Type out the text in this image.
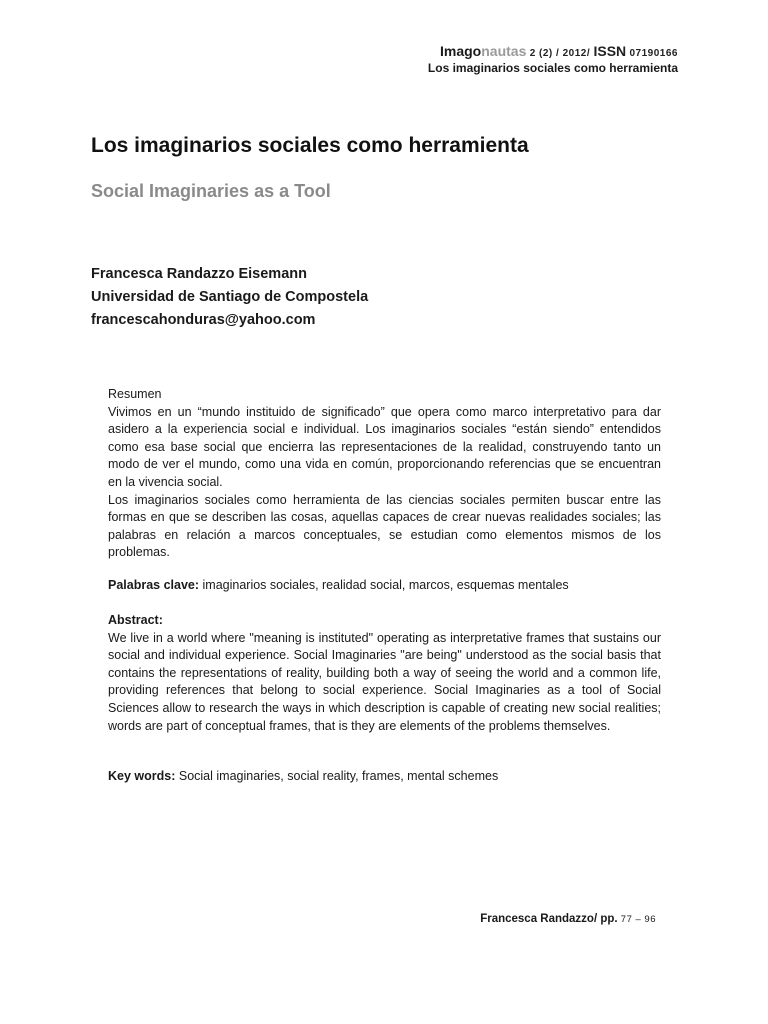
Imagonautas 2 (2) / 2012/ ISSN 07190166
Los imaginarios sociales como herramienta
Los imaginarios sociales como herramienta
Social Imaginaries as a Tool
Francesca Randazzo Eisemann
Universidad de Santiago de Compostela
francescahonduras@yahoo.com
Resumen

Vivimos en un “mundo instituido de significado” que opera como marco interpretativo para dar asidero a la experiencia social e individual. Los imaginarios sociales “están siendo” entendidos como esa base social que encierra las representaciones de la realidad, construyendo tanto un modo de ver el mundo, como una vida en común, proporcionando referencias que se encuentran en la vivencia social.

Los imaginarios sociales como herramienta de las ciencias sociales permiten buscar entre las formas en que se describen las cosas, aquellas capaces de crear nuevas realidades sociales; las palabras en relación a marcos conceptuales, se estudian como elementos mismos de los problemas.

Palabras clave: imaginarios sociales, realidad social, marcos, esquemas mentales

Abstract:

We live in a world where "meaning is instituted" operating as interpretative frames that sustains our social and individual experience. Social Imaginaries "are being" understood as the social basis that contains the representations of reality, building both a way of seeing the world and a common life, providing references that belong to social experience. Social Imaginaries as a tool of Social Sciences allow to research the ways in which description is capable of creating new social realities; words are part of conceptual frames, that is they are elements of the problems themselves.

Key words: Social imaginaries, social reality, frames, mental schemes

Francesca Randazzo/ pp. 77 – 96
